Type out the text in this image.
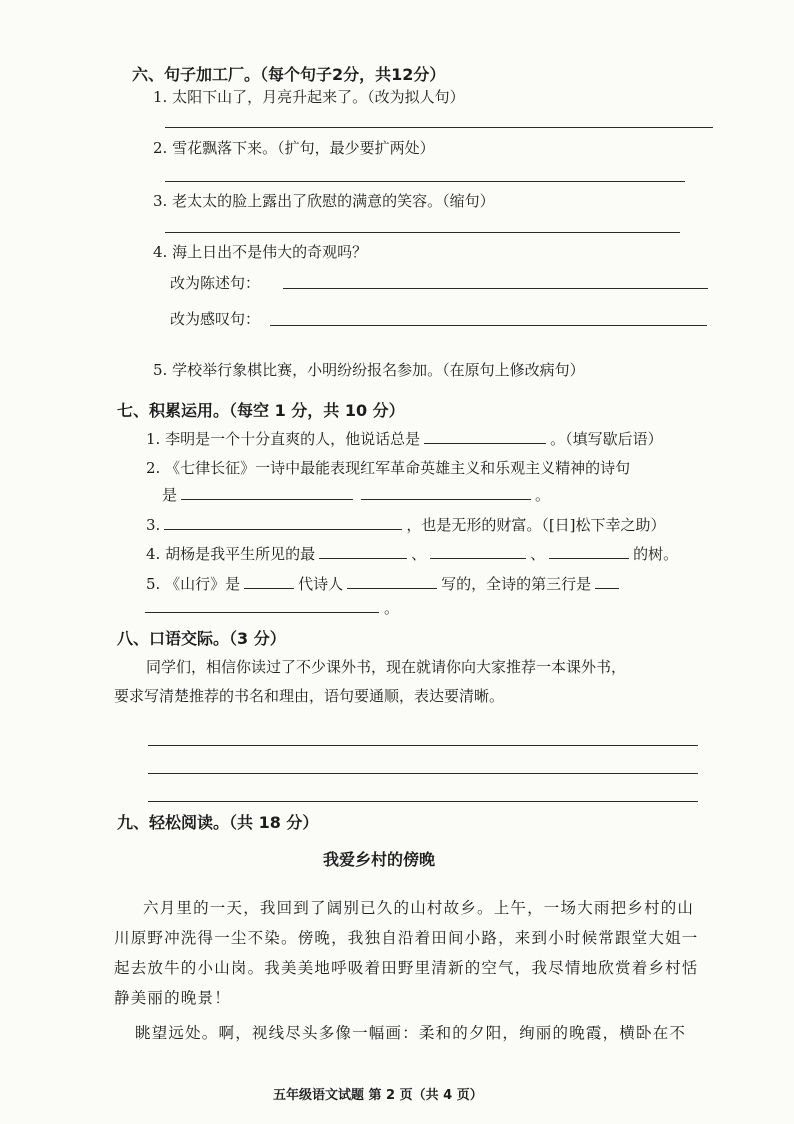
六、句子加工厂。（每个句子2分，共12分）
1. 太阳下山了，月亮升起来了。（改为拟人句）
2. 雪花飘落下来。（扩句，最少要扩两处）
3. 老太太的脸上露出了欣慰的满意的笑容。（缩句）
4. 海上日出不是伟大的奇观吗？
改为陈述句：
改为感叹句：
5. 学校举行象棋比赛，小明纷纷报名参加。（在原句上修改病句）
七、积累运用。（每空 1 分，共 10 分）
1. 李明是一个十分直爽的人，他说话总是	。（填写歇后语）
2. 《七律长征》一诗中最能表现红军革命英雄主义和乐观主义精神的诗句
是	。
3.	，也是无形的财富。（[日]松下幸之助）
4. 胡杨是我平生所见的最	、	、	的树。
5. 《山行》是	代诗人	写的，全诗的第三行是
。
八、口语交际。（3 分）
同学们，相信你读过了不少课外书，现在就请你向大家推荐一本课外书，
要求写清楚推荐的书名和理由，语句要通顺，表达要清晰。
九、轻松阅读。（共 18 分）
我爱乡村的傍晚
六月里的一天，我回到了阔别已久的山村故乡。上午，一场大雨把乡村的山
川原野冲洗得一尘不染。傍晚，我独自沿着田间小路，来到小时候常跟堂大姐一
起去放牛的小山岗。我美美地呼吸着田野里清新的空气，我尽情地欣赏着乡村恬
静美丽的晚景！
眺望远处。啊，视线尽头多像一幅画：柔和的夕阳，绚丽的晚霞，横卧在不
五年级语文试题 第 2 页（共 4 页）
